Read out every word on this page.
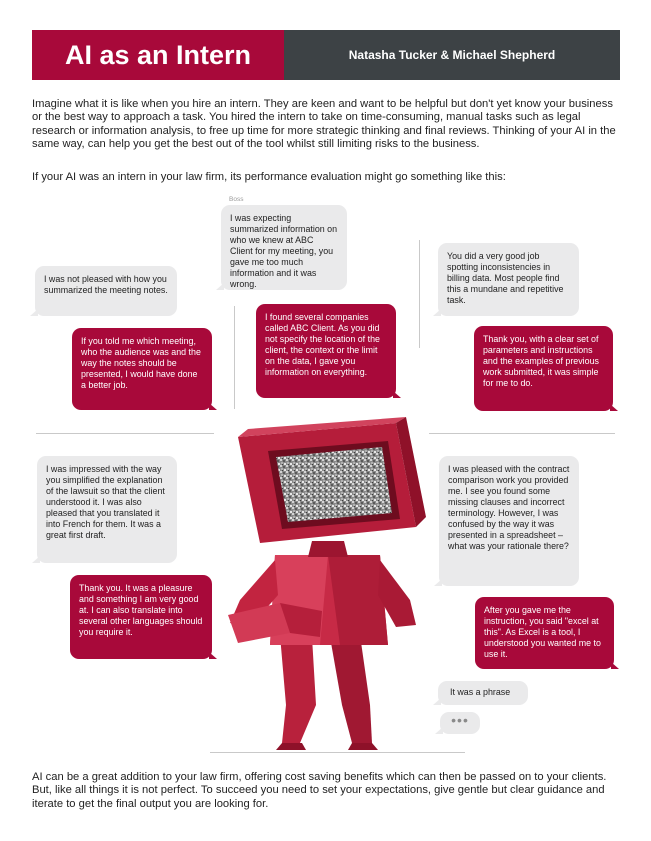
AI as an Intern	Natasha Tucker & Michael Shepherd

Imagine what it is like when you hire an intern. They are keen and want to be helpful but don't yet know your business or the best way to approach a task. You hired the intern to take on time-consuming, manual tasks such as legal research or information analysis, to free up time for more strategic thinking and final reviews. Thinking of your AI in the same way, can help you get the best out of the tool whilst still limiting risks to the business.

If your AI was an intern in your law firm, its performance evaluation might go something like this:

AI can be a great addition to your law firm, offering cost saving benefits which can then be passed on to your clients. But, like all things it is not perfect. To succeed you need to set your expectations, give gentle but clear guidance and iterate to get the final output you are looking for.

I was not pleased with how you summarized the meeting notes.
If you told me which meeting, who the audience was and the way the notes should be presented, I would have done a better job.
Boss
I was expecting summarized information on who we knew at ABC Client for my meeting, you gave me too much information and it was wrong.
I found several companies called ABC Client. As you did not specify the location of the client, the context or the limit on the data, I gave you information on everything.
You did a very good job spotting inconsistencies in billing data. Most people find this a mundane and repetitive task.
Thank you, with a clear set of parameters and instructions and the examples of previous work submitted, it was simple for me to do.
I was impressed with the way you simplified the explanation of the lawsuit so that the client understood it. I was also pleased that you translated it into French for them. It was a great first draft.
Thank you. It was a pleasure and something I am very good at. I can also translate into several other languages should you require it.
I was pleased with the contract comparison work you provided me. I see you found some missing clauses and incorrect terminology. However, I was confused by the way it was presented in a spreadsheet – what was your rationale there?
After you gave me the instruction, you said "excel at this". As Excel is a tool, I understood you wanted me to use it.
It was a phrase
•••
